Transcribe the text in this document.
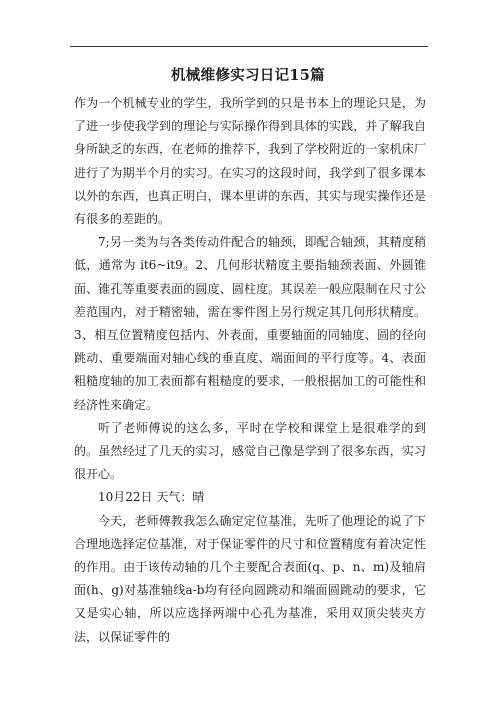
机械维修实习日记15篇

作为一个机械专业的学生，我所学到的只是书本上的理论只是，为了进一步使我学到的理论与实际操作得到具体的实践，并了解我自身所缺乏的东西，在老师的推荐下，我到了学校附近的一家机床厂进行了为期半个月的实习。在实习的这段时间，我学到了很多课本以外的东西，也真正明白，课本里讲的东西，其实与现实操作还是有很多的差距的。

7;另一类为与各类传动件配合的轴颈，即配合轴颈，其精度稍低，通常为 it6~it9。2、几何形状精度主要指轴颈表面、外圆锥面、锥孔等重要表面的圆度、圆柱度。其误差一般应限制在尺寸公差范围内，对于精密轴，需在零件图上另行规定其几何形状精度。3、相互位置精度包括内、外表面，重要轴面的同轴度、圆的径向跳动、重要端面对轴心线的垂直度、端面间的平行度等。4、表面粗糙度轴的加工表面都有粗糙度的要求，一般根据加工的可能性和经济性来确定。

听了老师傅说的这么多，平时在学校和课堂上是很难学的到的。虽然经过了几天的实习，感觉自己像是学到了很多东西，实习很开心。

10月22日 天气：晴

今天，老师傅教我怎么确定定位基准，先听了他理论的说了下合理地选择定位基准，对于保证零件的尺寸和位置精度有着决定性的作用。由于该传动轴的几个主要配合表面(q、p、n、m)及轴肩面(h、g)对基准轴线a-b均有径向圆跳动和端面圆跳动的要求，它又是实心轴，所以应选择两端中心孔为基准，采用双顶尖装夹方法，以保证零件的
